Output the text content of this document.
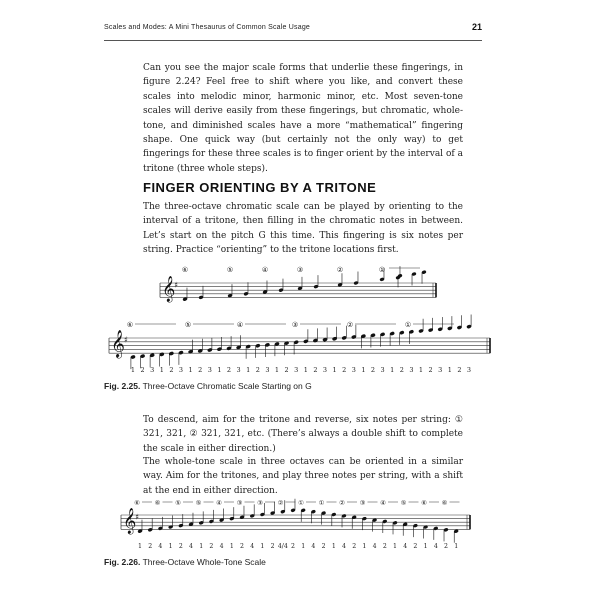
Scales and Modes: A Mini Thesaurus of Common Scale Usage	21
Can you see the major scale forms that underlie these fingerings, in figure 2.24? Feel free to shift where you like, and convert these scales into melodic minor, harmonic minor, etc. Most seven-tone scales will derive easily from these fingerings, but chromatic, whole-tone, and diminished scales have a more “mathematical” fingering shape. One quick way (but certainly not the only way) to get fingerings for these three scales is to finger orient by the interval of a tritone (three whole steps).
FINGER ORIENTING BY A TRITONE
The three-octave chromatic scale can be played by orienting to the interval of a tritone, then filling in the chromatic notes in between. Let’s start on the pitch G this time. This fingering is six notes per string. Practice “orienting” to the tritone locations first.
𝄞 ♯
⑥	⑤	④	③	②	①
𝄞
♯
⑥	⑤	④	③	②	①
1 2 3 1 2 3 1 2 3 1 2 3 1 2 3 1 2 3 1 2 3 1 2 3 1 2 3 1 2 3 1 2 3 1 2 3
𝄞 ♯
⑥ ⑥ ⑤ ⑤ ④ ③ ③ ② ① ① ② ③ ④ ⑤ ⑥ ⑥
1 2 4 1 2 4 1 2 4 1 2 4 1 2 4/4 2 1 4 2 1 4 2 1 4 2 1 4 2 1 4 2 1
Fig. 2.25. Three-Octave Chromatic Scale Starting on G
To descend, aim for the tritone and reverse, six notes per string: ① 321, 321, ② 321, 321, etc. (There’s always a double shift to complete the scale in either direction.)
The whole-tone scale in three octaves can be oriented in a similar way. Aim for the tritones, and play three notes per string, with a shift at the end in either direction.
Fig. 2.26. Three-Octave Whole-Tone Scale
